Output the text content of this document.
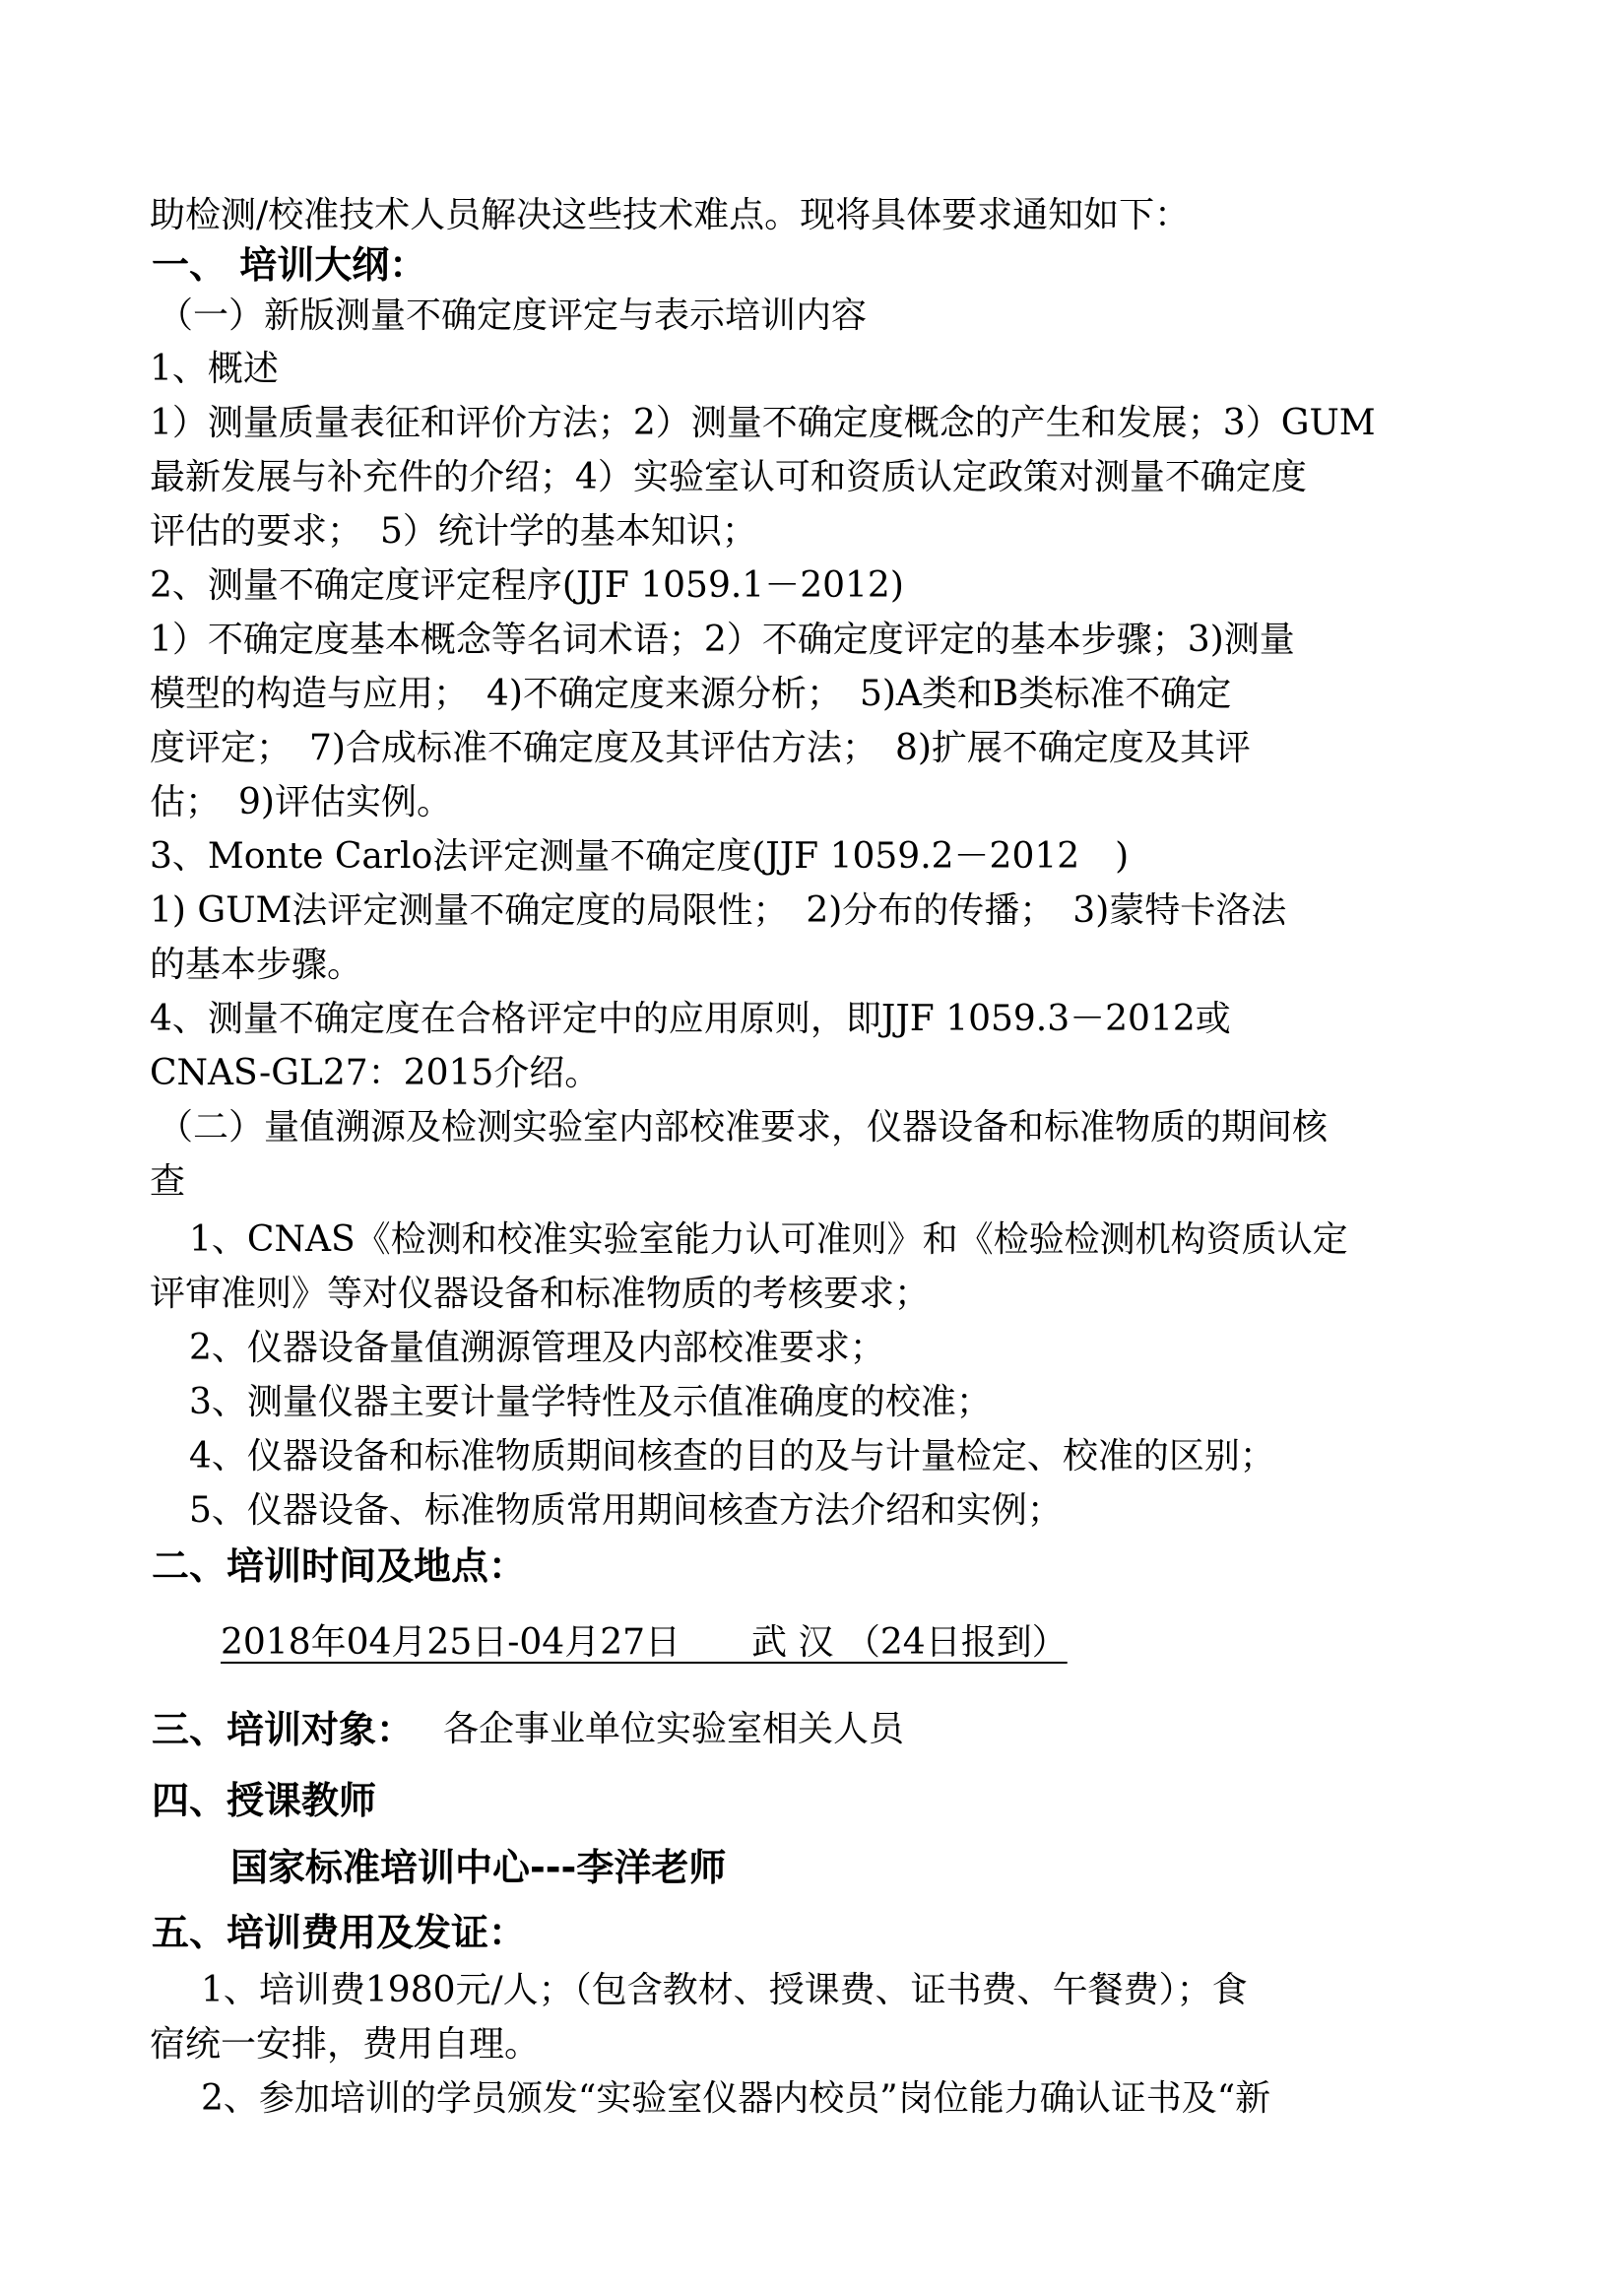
助检测/校准技术人员解决这些技术难点。现将具体要求通知如下：
一、 培训大纲：
（一）新版测量不确定度评定与表示培训内容
1、概述
1）测量质量表征和评价方法；2）测量不确定度概念的产生和发展；3）GUM
最新发展与补充件的介绍；4）实验室认可和资质认定政策对测量不确定度
评估的要求；　5）统计学的基本知识；
2、测量不确定度评定程序(JJF 1059.1－2012)
1）不确定度基本概念等名词术语；2）不确定度评定的基本步骤；3)测量
模型的构造与应用；　4)不确定度来源分析；　5)A类和B类标准不确定
度评定；　7)合成标准不确定度及其评估方法；　8)扩展不确定度及其评
估；　9)评估实例。
3、Monte Carlo法评定测量不确定度(JJF 1059.2－2012　)
1) GUM法评定测量不确定度的局限性；　2)分布的传播；　3)蒙特卡洛法
的基本步骤。
4、测量不确定度在合格评定中的应用原则，即JJF 1059.3－2012或
CNAS-GL27：2015介绍。
（二）量值溯源及检测实验室内部校准要求，仪器设备和标准物质的期间核
查
1、CNAS《检测和校准实验室能力认可准则》和《检验检测机构资质认定
评审准则》等对仪器设备和标准物质的考核要求；
2、仪器设备量值溯源管理及内部校准要求；
3、测量仪器主要计量学特性及示值准确度的校准；
4、仪器设备和标准物质期间核查的目的及与计量检定、校准的区别；
5、仪器设备、标准物质常用期间核查方法介绍和实例；
二、培训时间及地点：
2018年04月25日-04月27日　　武 汉 （24日报到）
三、培训对象： 各企事业单位实验室相关人员
四、授课教师
国家标准培训中心---李洋老师
五、培训费用及发证：
1、培训费1980元/人；（包含教材、授课费、证书费、午餐费）；食
宿统一安排，费用自理。
2、参加培训的学员颁发“实验室仪器内校员”岗位能力确认证书及“新
